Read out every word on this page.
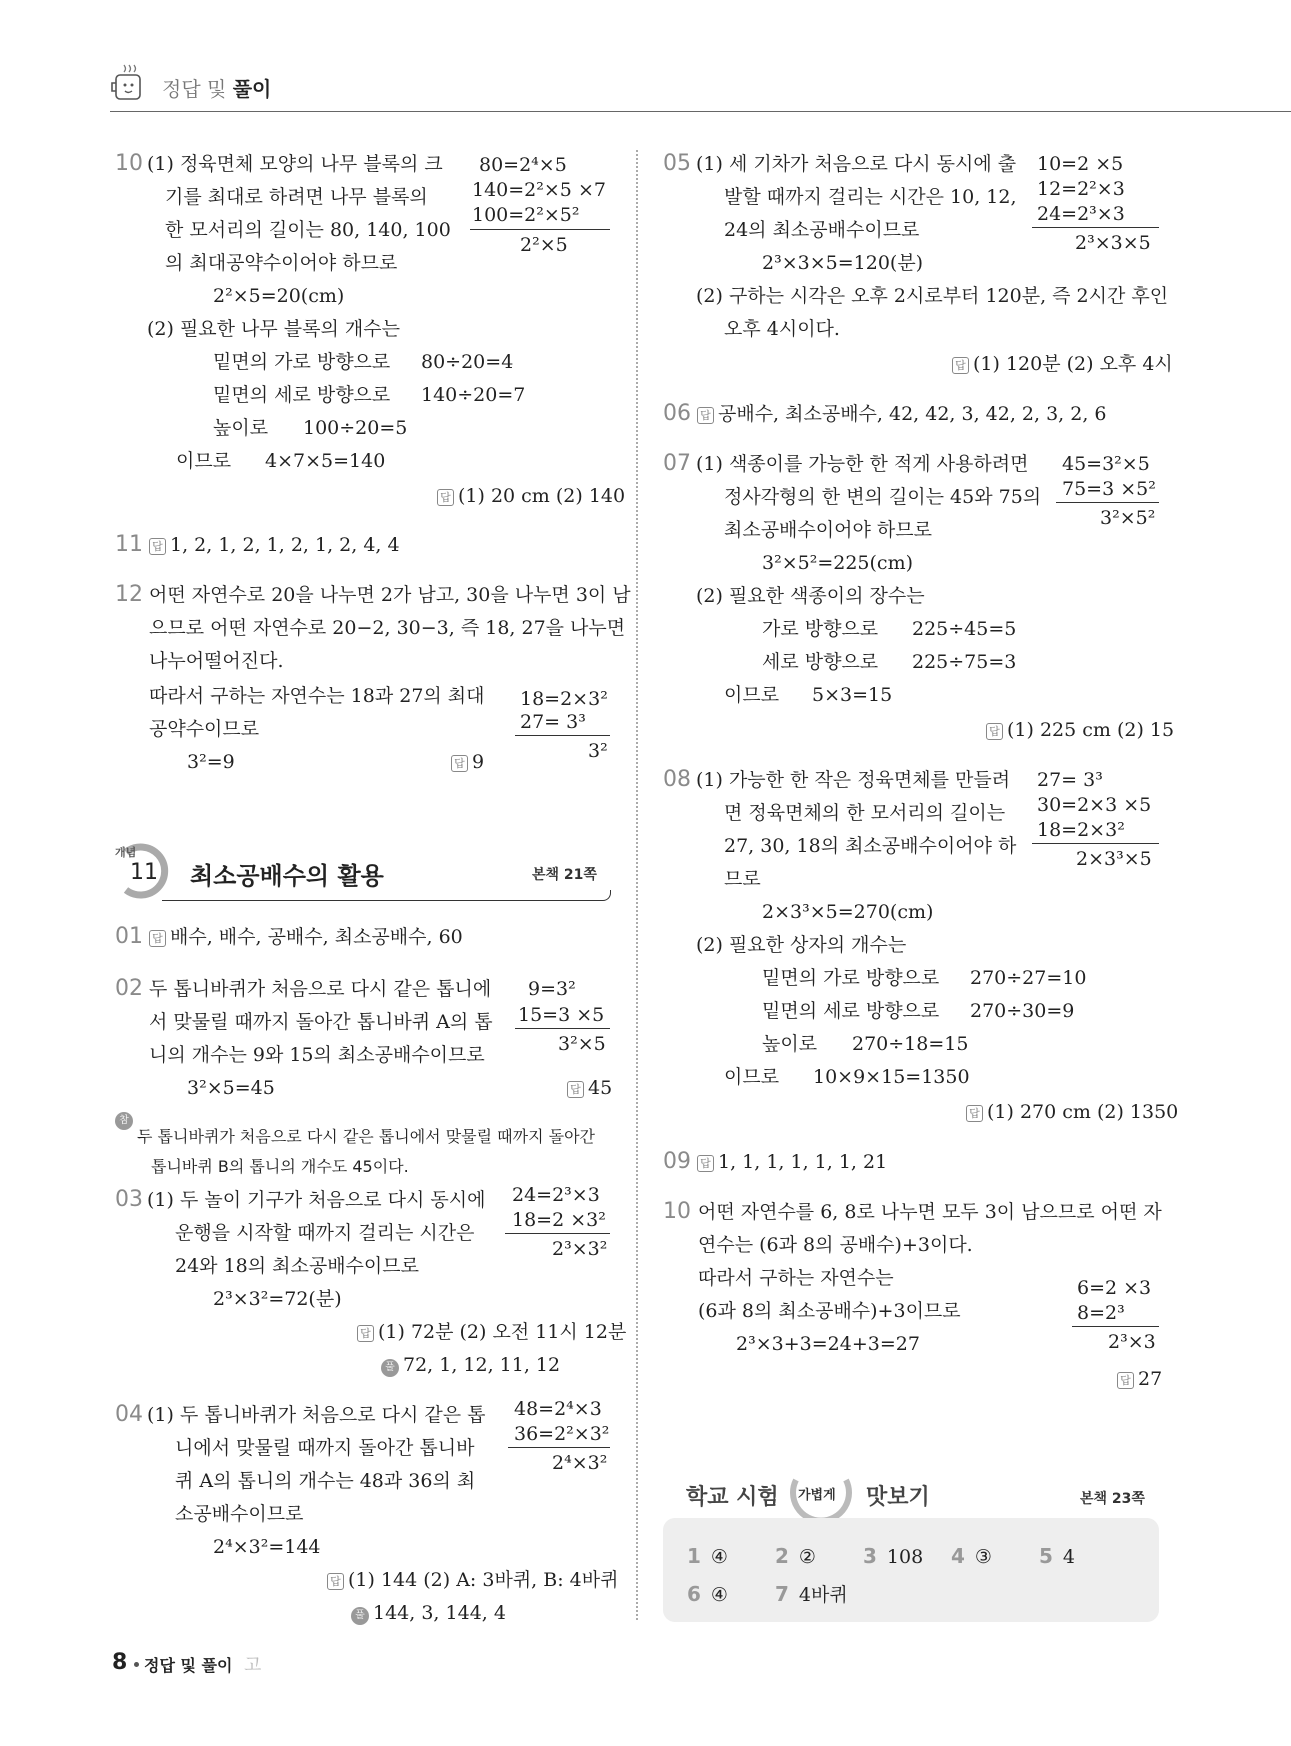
정답 및 풀이
10 (1) 정육면체 모양의 나무 블록의 크
기를 최대로 하려면 나무 블록의
한 모서리의 길이는 80, 140, 100
의 최대공약수이어야 하므로
2²×5=20(cm)
(2) 필요한 나무 블록의 개수는
밑면의 가로 방향으로 80÷20=4
밑면의 세로 방향으로 140÷20=7
높이로 100÷20=5
이므로 4×7×5=140
답 (1) 20 cm (2) 140
80=2⁴×5
140=2²×5 ×7
100=2²×5²
2²×5
11 답 1, 2, 1, 2, 1, 2, 1, 2, 4, 4
12 어떤 자연수로 20을 나누면 2가 남고, 30을 나누면 3이 남
으므로 어떤 자연수로 20−2, 30−3, 즉 18, 27을 나누면
나누어떨어진다.
따라서 구하는 자연수는 18과 27의 최대
공약수이므로
3²=9	답 9
18=2×3²
27= 3³
3²
개념
11 최소공배수의 활용	본책 21쪽
01 답 배수, 배수, 공배수, 최소공배수, 60
02 두 톱니바퀴가 처음으로 다시 같은 톱니에
서 맞물릴 때까지 돌아간 톱니바퀴 A의 톱
니의 개수는 9와 15의 최소공배수이므로
3²×5=45	답 45
9=3²
15=3 ×5
3²×5
참고 두 톱니바퀴가 처음으로 다시 같은 톱니에서 맞물릴 때까지 돌아간
톱니바퀴 B의 톱니의 개수도 45이다.
03 (1) 두 놀이 기구가 처음으로 다시 동시에
운행을 시작할 때까지 걸리는 시간은
24와 18의 최소공배수이므로
2³×3²=72(분)
답 (1) 72분 (2) 오전 11시 12분
풀 72, 1, 12, 11, 12
24=2³×3
18=2 ×3²
2³×3²
04 (1) 두 톱니바퀴가 처음으로 다시 같은 톱
니에서 맞물릴 때까지 돌아간 톱니바
퀴 A의 톱니의 개수는 48과 36의 최
소공배수이므로
2⁴×3²=144
답 (1) 144 (2) A: 3바퀴, B: 4바퀴
풀 144, 3, 144, 4
48=2⁴×3
36=2²×3²
2⁴×3²
05 (1) 세 기차가 처음으로 다시 동시에 출
발할 때까지 걸리는 시간은 10, 12,
24의 최소공배수이므로
2³×3×5=120(분)
(2) 구하는 시각은 오후 2시로부터 120분, 즉 2시간 후인
오후 4시이다.
답 (1) 120분 (2) 오후 4시
10=2 ×5
12=2²×3
24=2³×3
2³×3×5
06 답 공배수, 최소공배수, 42, 42, 3, 42, 2, 3, 2, 6
07 (1) 색종이를 가능한 한 적게 사용하려면
정사각형의 한 변의 길이는 45와 75의
최소공배수이어야 하므로
3²×5²=225(cm)
(2) 필요한 색종이의 장수는
가로 방향으로 225÷45=5
세로 방향으로 225÷75=3
이므로 5×3=15
답 (1) 225 cm (2) 15
45=3²×5
75=3 ×5²
3²×5²
08 (1) 가능한 한 작은 정육면체를 만들려
면 정육면체의 한 모서리의 길이는
27, 30, 18의 최소공배수이어야 하
므로
2×3³×5=270(cm)
(2) 필요한 상자의 개수는
밑면의 가로 방향으로 270÷27=10
밑면의 세로 방향으로 270÷30=9
높이로 270÷18=15
이므로 10×9×15=1350
답 (1) 270 cm (2) 1350
27= 3³
30=2×3 ×5
18=2×3²
2×3³×5
09 답 1, 1, 1, 1, 1, 1, 21
10 어떤 자연수를 6, 8로 나누면 모두 3이 남으므로 어떤 자
연수는 (6과 8의 공배수)+3이다.
따라서 구하는 자연수는
(6과 8의 최소공배수)+3이므로
2³×3+3=24+3=27
답 27
6=2 ×3
8=2³
2³×3
학교 시험 가볍게 맛보기	본책 23쪽
1 ④ 2 ② 3 108 4 ③ 5 4
6 ④ 7 4바퀴
8 정답 및 풀이 고
